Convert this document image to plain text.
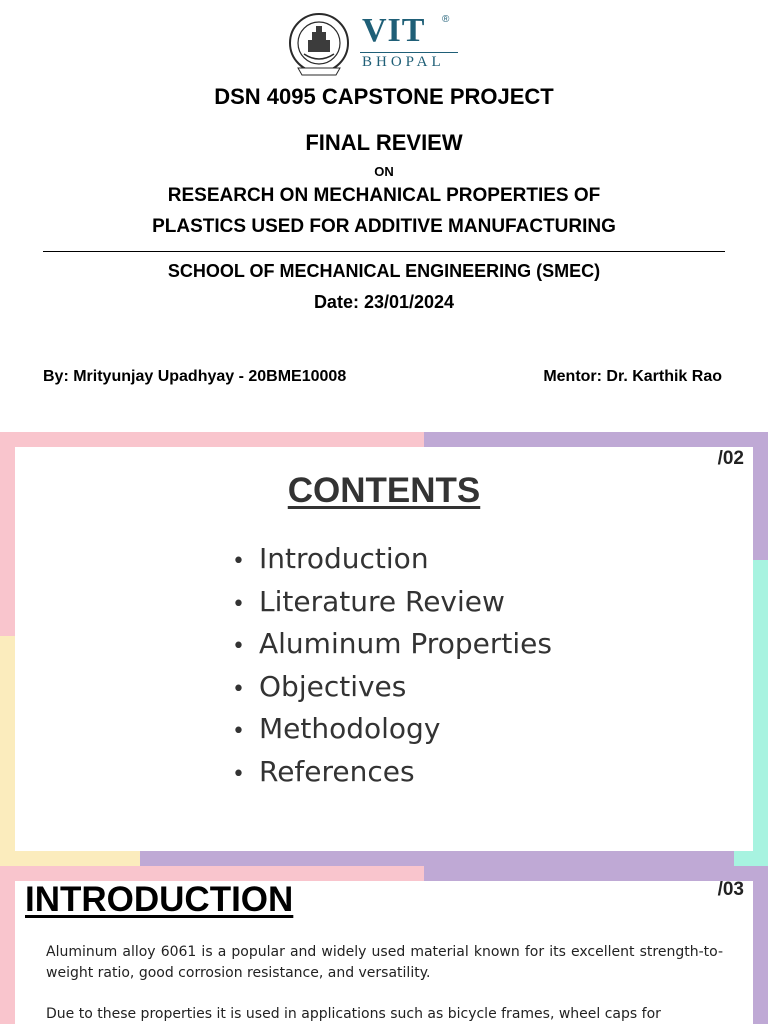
VIT ®
BHOPAL
DSN 4095 CAPSTONE PROJECT
FINAL REVIEW
ON
RESEARCH ON MECHANICAL PROPERTIES OF
PLASTICS USED FOR ADDITIVE MANUFACTURING
SCHOOL OF MECHANICAL ENGINEERING (SMEC)
Date: 23/01/2024
By: Mrityunjay Upadhyay - 20BME10008	Mentor: Dr. Karthik Rao
/02
CONTENTS
• Introduction
• Literature Review
• Aluminum Properties
• Objectives
• Methodology
• References
INTRODUCTION	/03

Aluminum alloy 6061 is a popular and widely used material known for its excellent strength-to-weight ratio, good corrosion resistance, and versatility.

Due to these properties it is used in applications such as bicycle frames, wheel caps for
